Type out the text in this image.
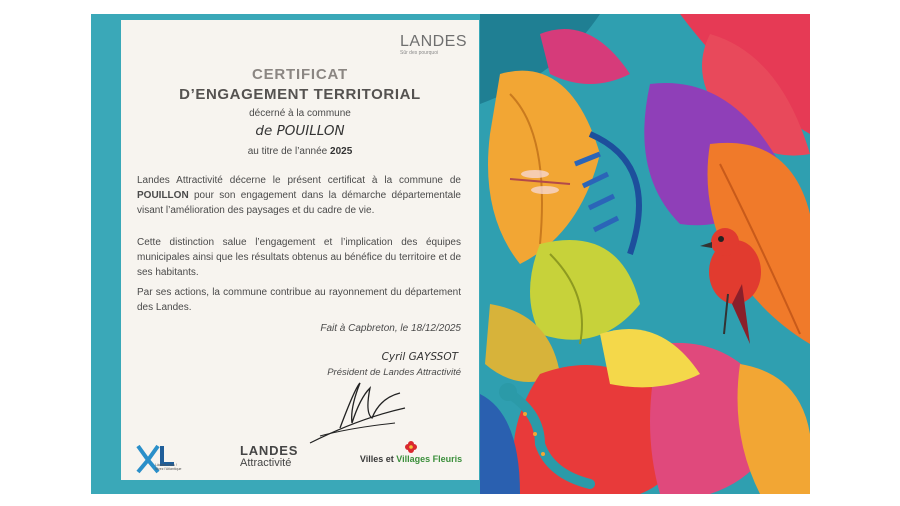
LANDES
Sûr des pourquoi
CERTIFICAT
D’ENGAGEMENT TERRITORIAL
décerné à la commune
de POUILLON
au titre de l’année 2025
Landes Attractivité décerne le présent certificat à la commune de POUILLON pour son engagement dans la démarche départementale visant l’amélioration des paysages et du cadre de vie.
Cette distinction salue l’engagement et l’implication des équipes municipales ainsi que les résultats obtenus au bénéfice du territoire et de ses habitants.
Par ses actions, la commune contribue au rayonnement du département des Landes.
Fait à Capbreton, le 18/12/2025
Cyril GAYSSOT
Président de Landes Attractivité
Lâchez-vous ! Vivez l'Atlantique
LANDES
Attractivité	Villes et Villages Fleuris
